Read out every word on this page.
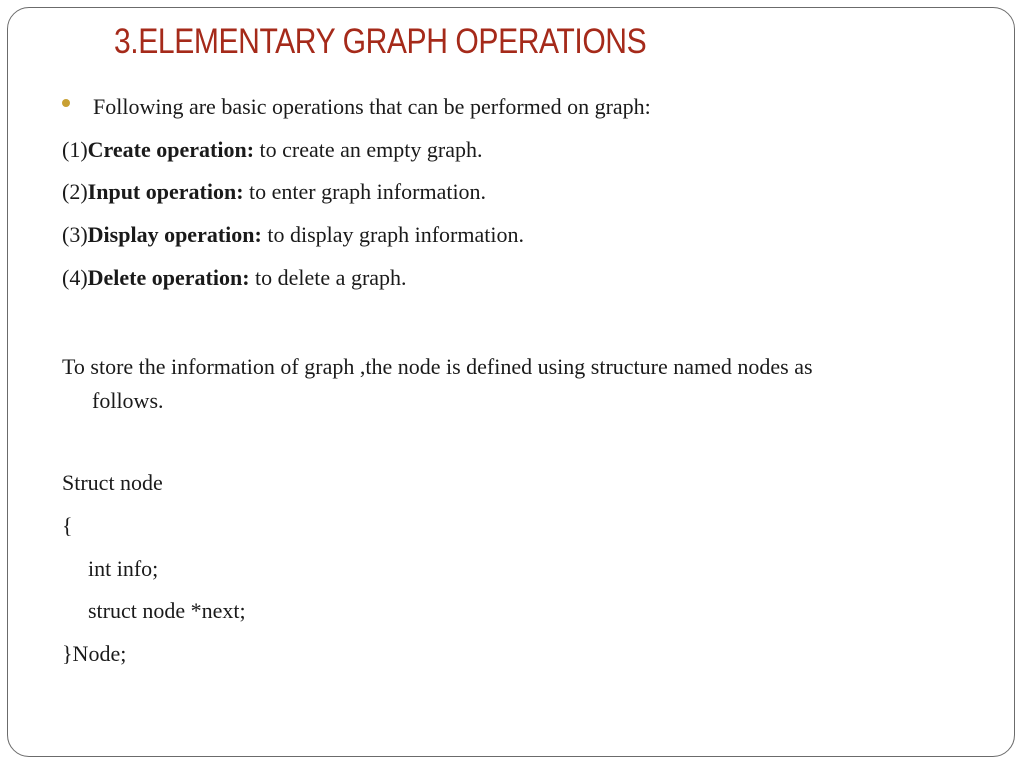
3.ELEMENTARY GRAPH OPERATIONS
Following are basic operations that can be performed on graph:
(1)Create operation: to create an empty graph.
(2)Input operation: to enter graph information.
(3)Display operation: to display graph information.
(4)Delete operation: to delete a graph.
To store the information of graph ,the node is defined using structure named nodes as
follows.
Struct node
{
int info;
struct node *next;
}Node;
